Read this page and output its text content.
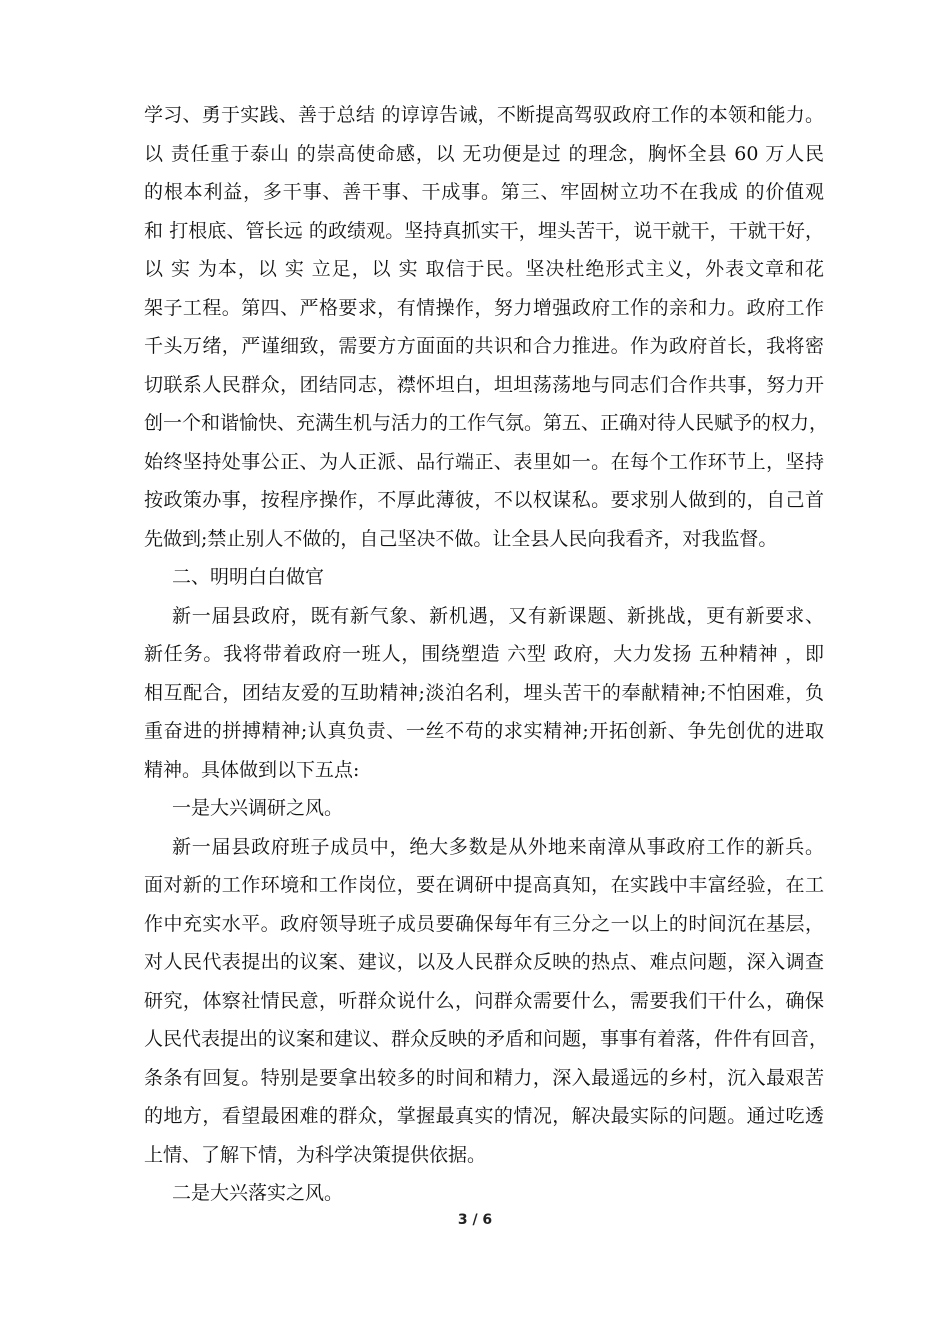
学习、勇于实践、善于总结 的谆谆告诫，不断提高驾驭政府工作的本领和能力。
以 责任重于泰山 的崇高使命感，以 无功便是过 的理念，胸怀全县 60 万人民
的根本利益，多干事、善干事、干成事。第三、牢固树立功不在我成 的价值观
和 打根底、管长远 的政绩观。坚持真抓实干，埋头苦干，说干就干，干就干好，
以 实 为本，以 实 立足，以 实 取信于民。坚决杜绝形式主义，外表文章和花
架子工程。第四、严格要求，有情操作，努力增强政府工作的亲和力。政府工作
千头万绪，严谨细致，需要方方面面的共识和合力推进。作为政府首长，我将密
切联系人民群众，团结同志，襟怀坦白，坦坦荡荡地与同志们合作共事，努力开
创一个和谐愉快、充满生机与活力的工作气氛。第五、正确对待人民赋予的权力，
始终坚持处事公正、为人正派、品行端正、表里如一。在每个工作环节上，坚持
按政策办事，按程序操作，不厚此薄彼，不以权谋私。要求别人做到的，自己首
先做到;禁止别人不做的，自己坚决不做。让全县人民向我看齐，对我监督。
二、明明白白做官
新一届县政府，既有新气象、新机遇，又有新课题、新挑战，更有新要求、
新任务。我将带着政府一班人，围绕塑造 六型 政府，大力发扬 五种精神 ，即
相互配合，团结友爱的互助精神;淡泊名利，埋头苦干的奉献精神;不怕困难，负
重奋进的拼搏精神;认真负责、一丝不苟的求实精神;开拓创新、争先创优的进取
精神。具体做到以下五点:
一是大兴调研之风。
新一届县政府班子成员中，绝大多数是从外地来南漳从事政府工作的新兵。
面对新的工作环境和工作岗位，要在调研中提高真知，在实践中丰富经验，在工
作中充实水平。政府领导班子成员要确保每年有三分之一以上的时间沉在基层，
对人民代表提出的议案、建议，以及人民群众反映的热点、难点问题，深入调查
研究，体察社情民意，听群众说什么，问群众需要什么，需要我们干什么，确保
人民代表提出的议案和建议、群众反映的矛盾和问题，事事有着落，件件有回音，
条条有回复。特别是要拿出较多的时间和精力，深入最遥远的乡村，沉入最艰苦
的地方，看望最困难的群众，掌握最真实的情况，解决最实际的问题。通过吃透
上情、了解下情，为科学决策提供依据。
二是大兴落实之风。
3 / 6
